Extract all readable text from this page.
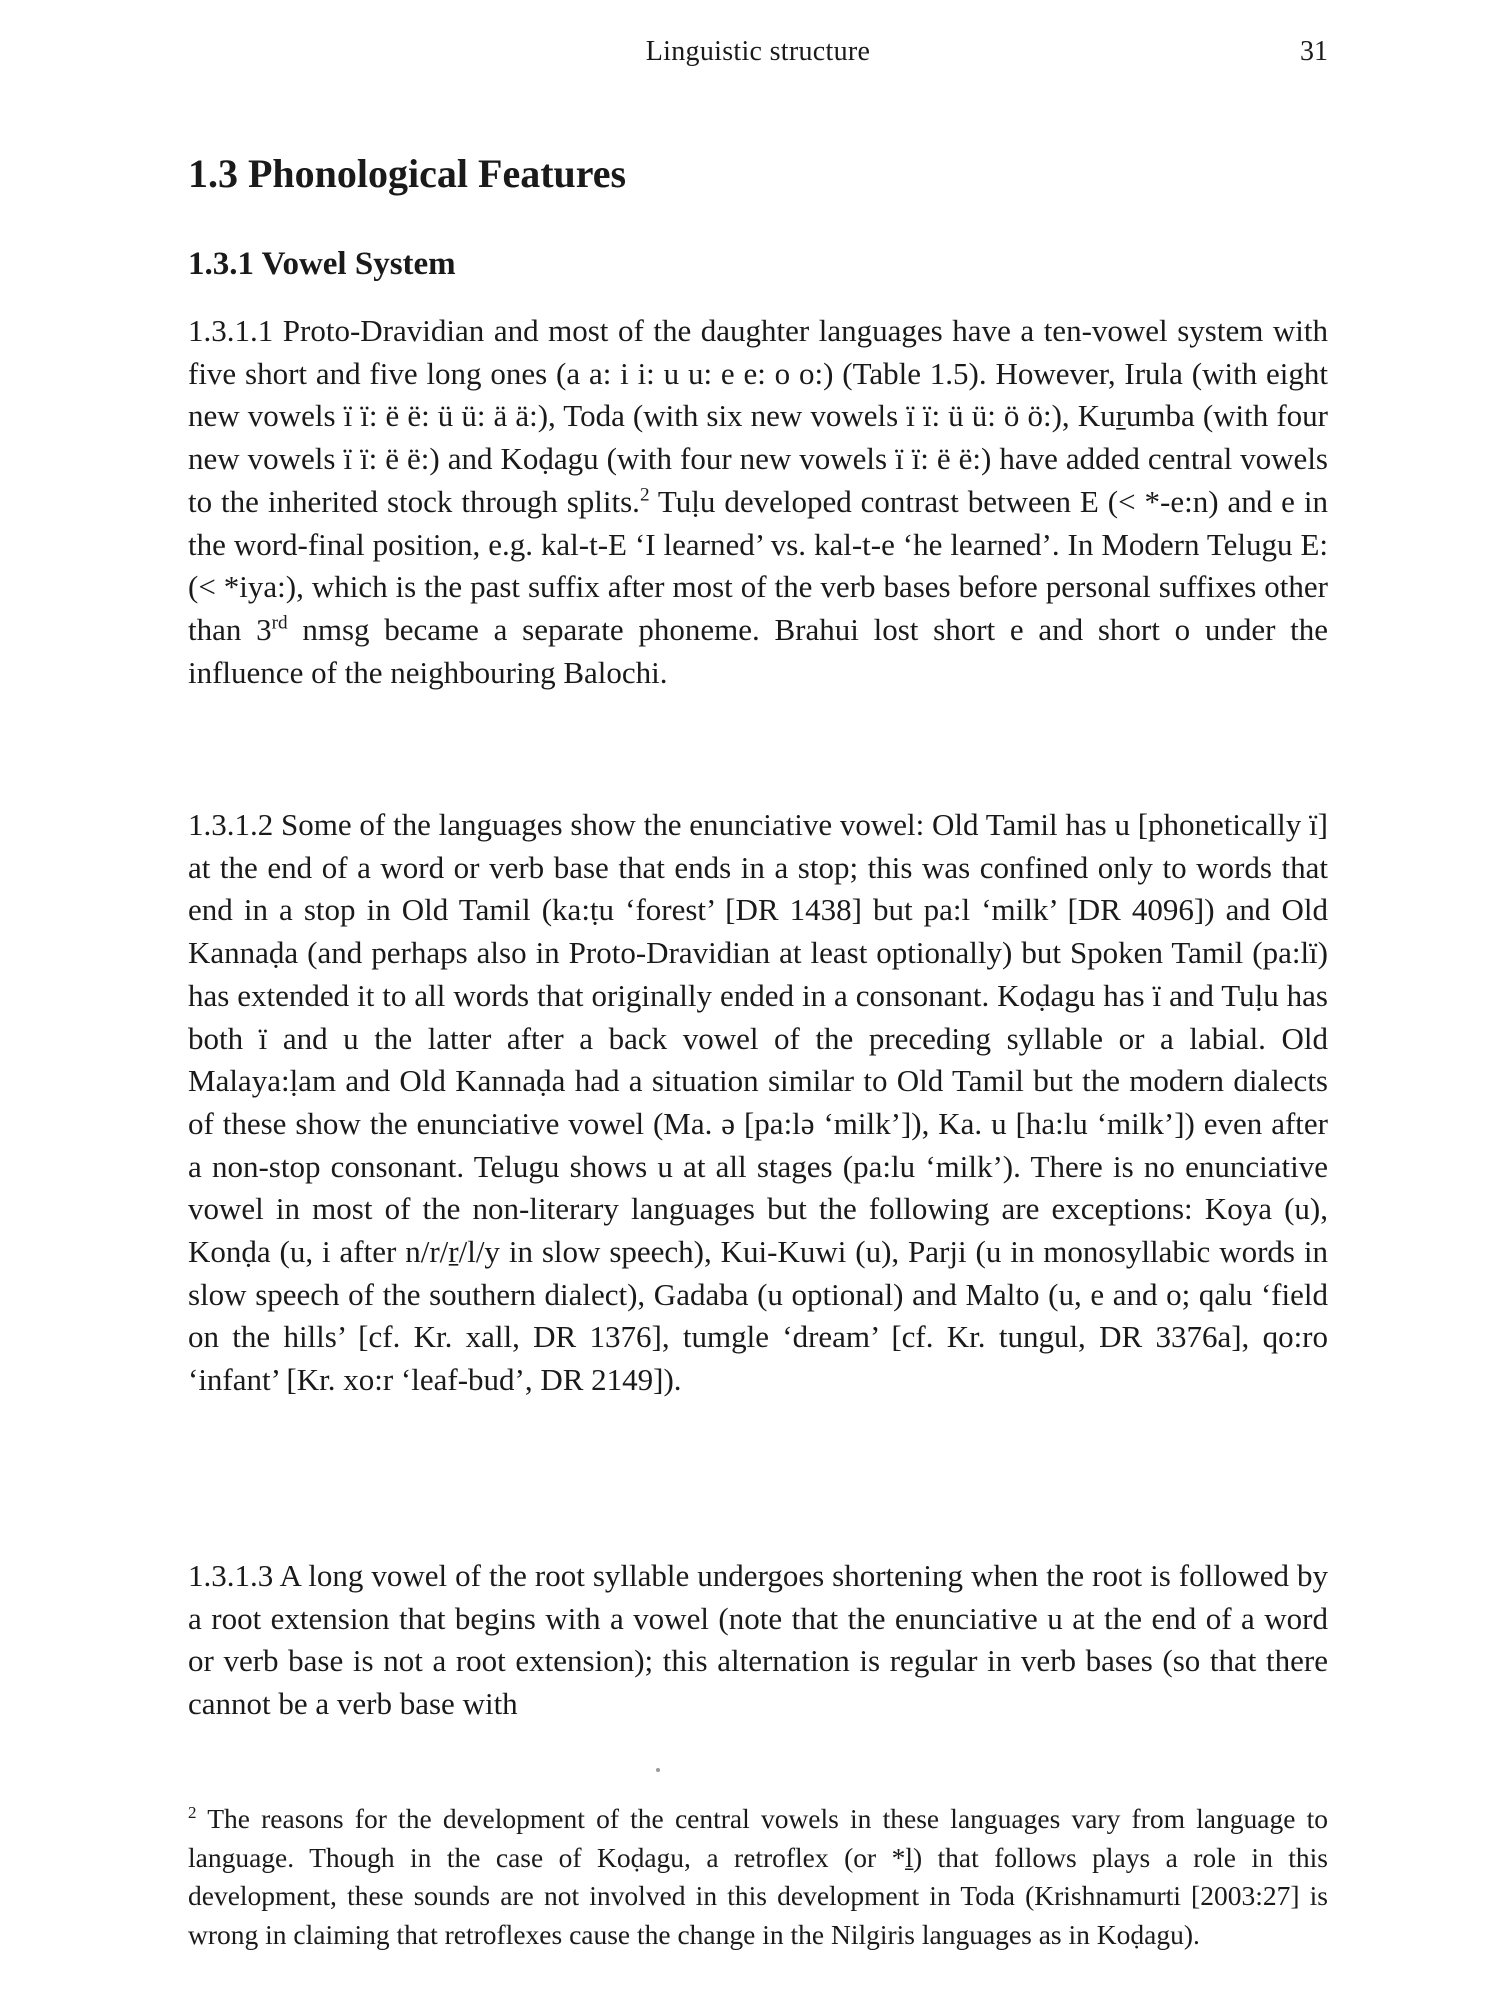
Linguistic structure	31
1.3 Phonological Features
1.3.1 Vowel System

1.3.1.1 Proto-Dravidian and most of the daughter languages have a ten-vowel system with five short and five long ones (a a: i i: u u: e e: o o:) (Table 1.5). However, Irula (with eight new vowels ï ï: ë ë: ü ü: ä ä:), Toda (with six new vowels ï ï: ü ü: ö ö:), Kuṟumba (with four new vowels ï ï: ë ë:) and Koḍagu (with four new vowels ï ï: ë ë:) have added central vowels to the inherited stock through splits.$^2$ Tuḷu developed contrast between E (< *-e:n) and e in the word-final position, e.g. kal-t-E ‘I learned’ vs. kal-t-e ‘he learned’. In Modern Telugu E: (< *iya:), which is the past suffix after most of the verb bases before personal suffixes other than 3rd nmsg became a separate phoneme. Brahui lost short e and short o under the influence of the neighbouring Balochi.

1.3.1.2 Some of the languages show the enunciative vowel: Old Tamil has u [phonetically ï] at the end of a word or verb base that ends in a stop; this was confined only to words that end in a stop in Old Tamil (ka:ṭu ‘forest’ [DR 1438] but pa:l ‘milk’ [DR 4096]) and Old Kannaḍa (and perhaps also in Proto-Dravidian at least optionally) but Spoken Tamil (pa:lï) has extended it to all words that originally ended in a consonant. Koḍagu has ï and Tuḷu has both ï and u the latter after a back vowel of the preceding syllable or a labial. Old Malaya:ḷam and Old Kannaḍa had a situation similar to Old Tamil but the modern dialects of these show the enunciative vowel (Ma. ə [pa:lə ‘milk’]), Ka. u [ha:lu ‘milk’]) even after a non-stop consonant. Telugu shows u at all stages (pa:lu ‘milk’). There is no enunciative vowel in most of the non-literary languages but the following are exceptions: Koya (u), Konḍa (u, i after n/r/ṟ/l/y in slow speech), Kui-Kuwi (u), Parji (u in monosyllabic words in slow speech of the southern dialect), Gadaba (u optional) and Malto (u, e and o; qalu ‘field on the hills’ [cf. Kr. xall, DR 1376], tumgle ‘dream’ [cf. Kr. tungul, DR 3376a], qo:ro ‘infant’ [Kr. xo:r ‘leaf-bud’, DR 2149]).

1.3.1.3 A long vowel of the root syllable undergoes shortening when the root is followed by a root extension that begins with a vowel (note that the enunciative u at the end of a word or verb base is not a root extension); this alternation is regular in verb bases (so that there cannot be a verb base with

$^2$ The reasons for the development of the central vowels in these languages vary from language to language. Though in the case of Koḍagu, a retroflex (or *ḻ) that follows plays a role in this development, these sounds are not involved in this development in Toda (Krishnamurti [2003:27] is wrong in claiming that retroflexes cause the change in the Nilgiris languages as in Koḍagu).
